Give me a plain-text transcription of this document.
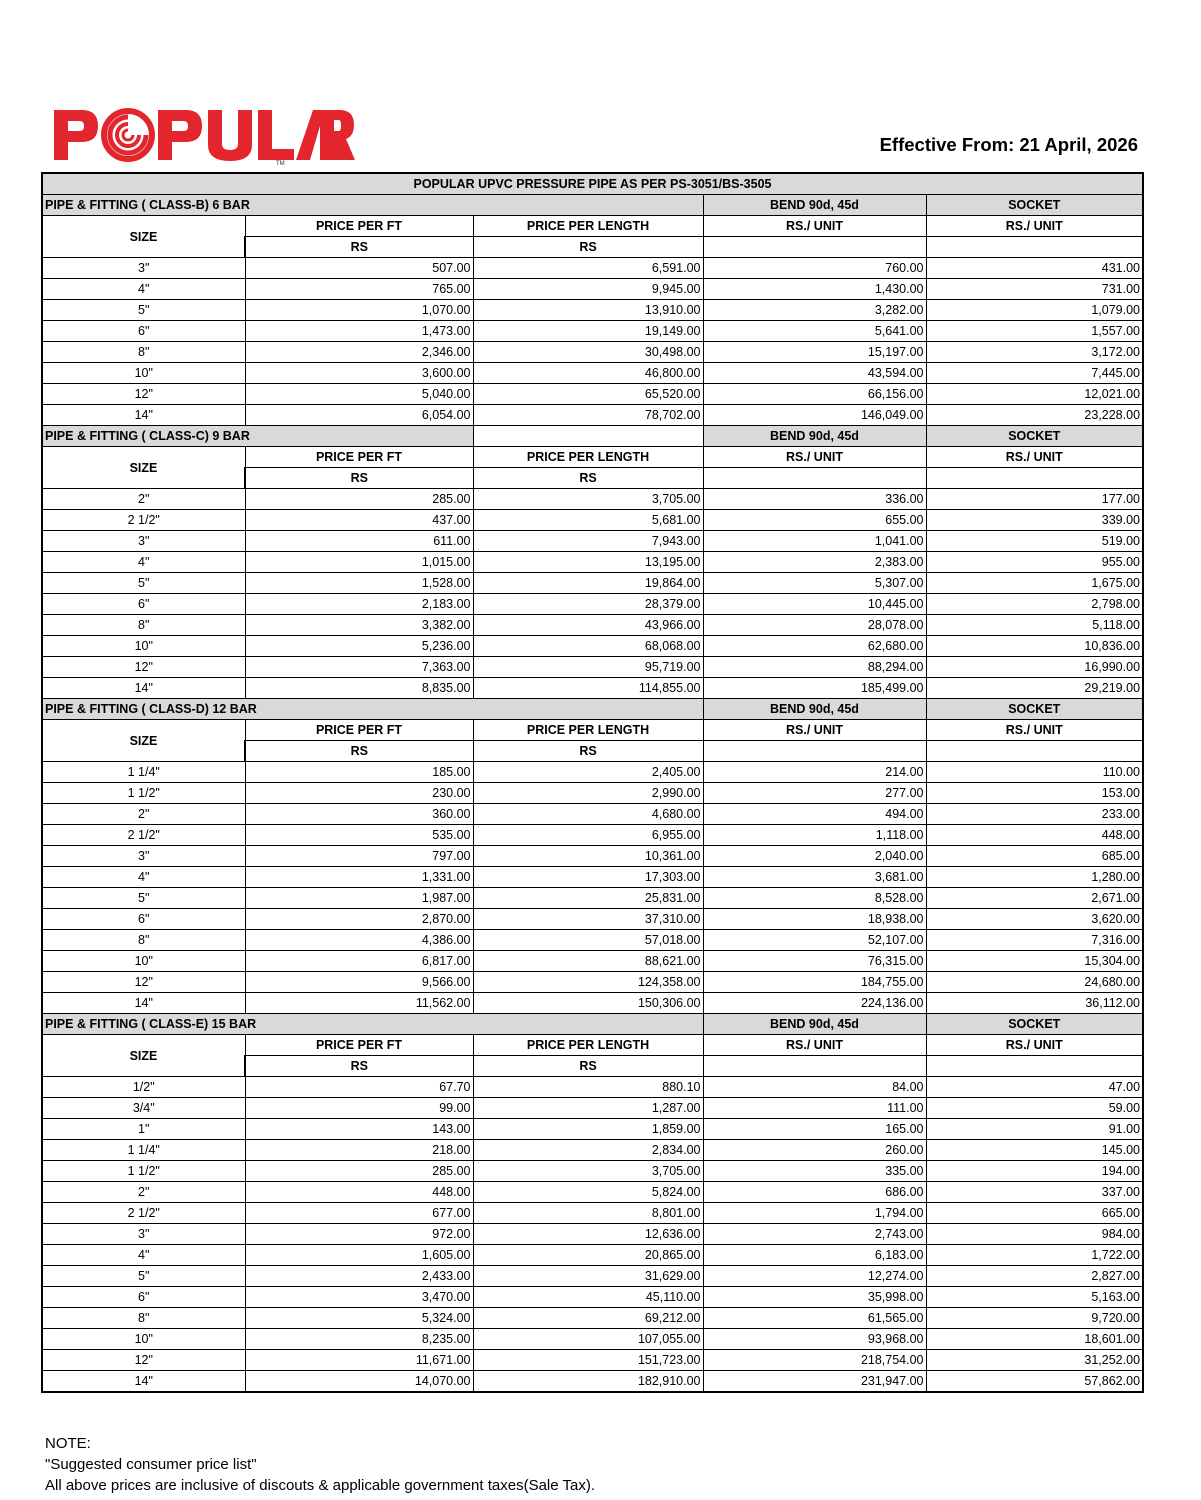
TM
Effective From: 21 April, 2026
POPULAR UPVC PRESSURE PIPE AS PER PS-3051/BS-3505				
PIPE & FITTING ( CLASS-B) 6 BAR			BEND 90d, 45d	SOCKET
SIZE	PRICE PER FT	PRICE PER LENGTH	RS./ UNIT	RS./ UNIT
	RS	RS		
3"	507.00	6,591.00	760.00	431.00
4"	765.00	9,945.00	1,430.00	731.00
5"	1,070.00	13,910.00	3,282.00	1,079.00
6"	1,473.00	19,149.00	5,641.00	1,557.00
8"	2,346.00	30,498.00	15,197.00	3,172.00
10"	3,600.00	46,800.00	43,594.00	7,445.00
12"	5,040.00	65,520.00	66,156.00	12,021.00
14"	6,054.00	78,702.00	146,049.00	23,228.00
PIPE & FITTING ( CLASS-C) 9 BAR			BEND 90d, 45d	SOCKET
SIZE	PRICE PER FT	PRICE PER LENGTH	RS./ UNIT	RS./ UNIT
	RS	RS		
2"	285.00	3,705.00	336.00	177.00
2 1/2"	437.00	5,681.00	655.00	339.00
3"	611.00	7,943.00	1,041.00	519.00
4"	1,015.00	13,195.00	2,383.00	955.00
5"	1,528.00	19,864.00	5,307.00	1,675.00
6"	2,183.00	28,379.00	10,445.00	2,798.00
8"	3,382.00	43,966.00	28,078.00	5,118.00
10"	5,236.00	68,068.00	62,680.00	10,836.00
12"	7,363.00	95,719.00	88,294.00	16,990.00
14"	8,835.00	114,855.00	185,499.00	29,219.00
PIPE & FITTING ( CLASS-D) 12 BAR			BEND 90d, 45d	SOCKET
SIZE	PRICE PER FT	PRICE PER LENGTH	RS./ UNIT	RS./ UNIT
	RS	RS		
1 1/4"	185.00	2,405.00	214.00	110.00
1 1/2"	230.00	2,990.00	277.00	153.00
2"	360.00	4,680.00	494.00	233.00
2 1/2"	535.00	6,955.00	1,118.00	448.00
3"	797.00	10,361.00	2,040.00	685.00
4"	1,331.00	17,303.00	3,681.00	1,280.00
5"	1,987.00	25,831.00	8,528.00	2,671.00
6"	2,870.00	37,310.00	18,938.00	3,620.00
8"	4,386.00	57,018.00	52,107.00	7,316.00
10"	6,817.00	88,621.00	76,315.00	15,304.00
12"	9,566.00	124,358.00	184,755.00	24,680.00
14"	11,562.00	150,306.00	224,136.00	36,112.00
PIPE & FITTING ( CLASS-E) 15 BAR			BEND 90d, 45d	SOCKET
SIZE	PRICE PER FT	PRICE PER LENGTH	RS./ UNIT	RS./ UNIT
	RS	RS		
1/2"	67.70	880.10	84.00	47.00
3/4"	99.00	1,287.00	111.00	59.00
1"	143.00	1,859.00	165.00	91.00
1 1/4"	218.00	2,834.00	260.00	145.00
1 1/2"	285.00	3,705.00	335.00	194.00
2"	448.00	5,824.00	686.00	337.00
2 1/2"	677.00	8,801.00	1,794.00	665.00
3"	972.00	12,636.00	2,743.00	984.00
4"	1,605.00	20,865.00	6,183.00	1,722.00
5"	2,433.00	31,629.00	12,274.00	2,827.00
6"	3,470.00	45,110.00	35,998.00	5,163.00
8"	5,324.00	69,212.00	61,565.00	9,720.00
10"	8,235.00	107,055.00	93,968.00	18,601.00
12"	11,671.00	151,723.00	218,754.00	31,252.00
14"	14,070.00	182,910.00	231,947.00	57,862.00
NOTE:
"Suggested consumer price list"
All above prices are inclusive of discouts & applicable government taxes(Sale Tax).
